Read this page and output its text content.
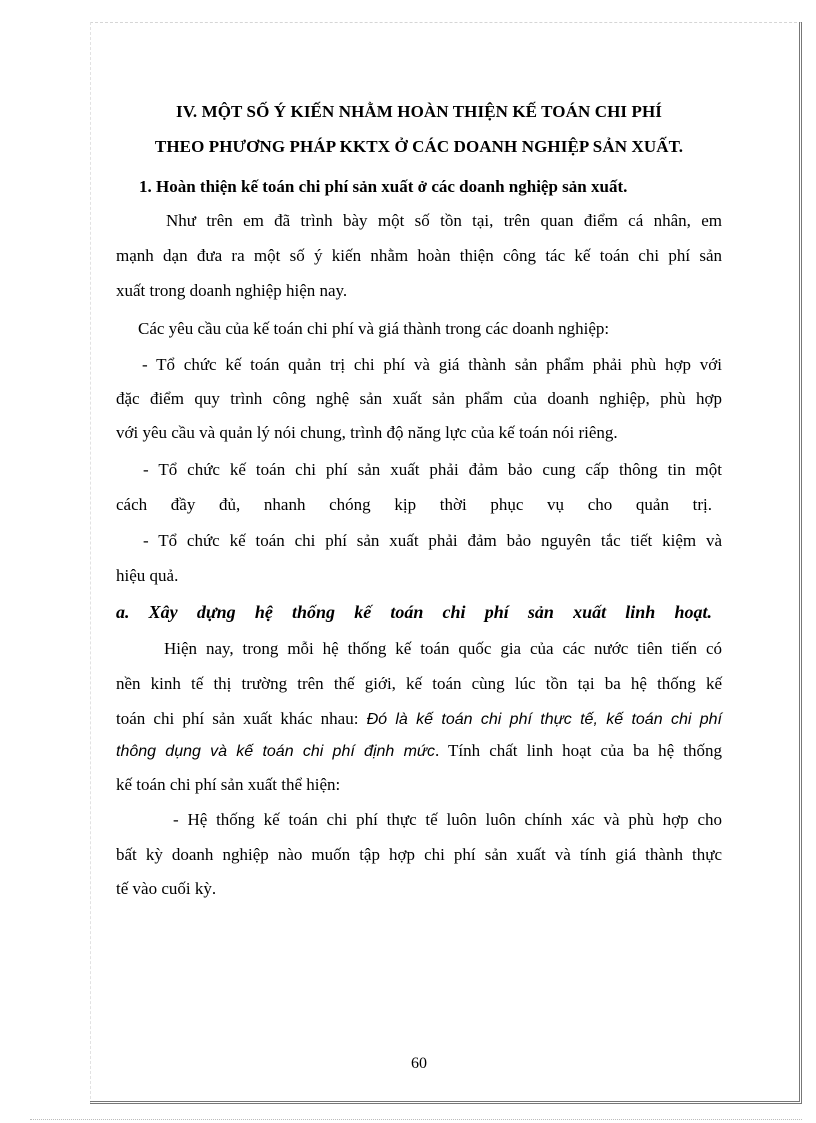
IV. MỘT SỐ Ý KIẾN NHẰM HOÀN THIỆN KẾ TOÁN CHI PHÍ
THEO PHƯƠNG PHÁP KKTX Ở CÁC DOANH NGHIỆP SẢN XUẤT.
1. Hoàn thiện kế toán chi phí sản xuất ở các doanh nghiệp sản xuất.
Như trên em đã trình bày một số tồn tại, trên quan điểm cá nhân, em
mạnh dạn đưa ra một số ý kiến nhằm hoàn thiện công tác kế toán chi phí sản
xuất trong doanh nghiệp hiện nay.
Các yêu cầu của kế toán chi phí và giá thành trong các doanh nghiệp:
- Tổ chức kế toán quản trị chi phí và giá thành sản phẩm phải phù hợp với
đặc điểm quy trình công nghệ sản xuất sản phẩm của doanh nghiệp, phù hợp
với yêu cầu và quản lý nói chung, trình độ năng lực của kế toán nói riêng.
- Tổ chức kế toán chi phí sản xuất phải đảm bảo cung cấp thông tin một
cách đầy đủ, nhanh chóng kịp thời phục vụ cho quản trị.
- Tổ chức kế toán chi phí sản xuất phải đảm bảo nguyên tắc tiết kiệm và
hiệu quả.
a. Xây dựng hệ thống kế toán chi phí sản xuất linh hoạt.
Hiện nay, trong mỗi hệ thống kế toán quốc gia của các nước tiên tiến có
nền kinh tế thị trường trên thế giới, kế toán cùng lúc tồn tại ba hệ thống kế
toán chi phí sản xuất khác nhau: Đó là kế toán chi phí thực tế, kế toán chi phí
thông dụng và kế toán chi phí định mức. Tính chất linh hoạt của ba hệ thống
kế toán chi phí sản xuất thể hiện:
- Hệ thống kế toán chi phí thực tế luôn luôn chính xác và phù hợp cho
bất kỳ doanh nghiệp nào muốn tập hợp chi phí sản xuất và tính giá thành thực
tế vào cuối kỳ.
60
